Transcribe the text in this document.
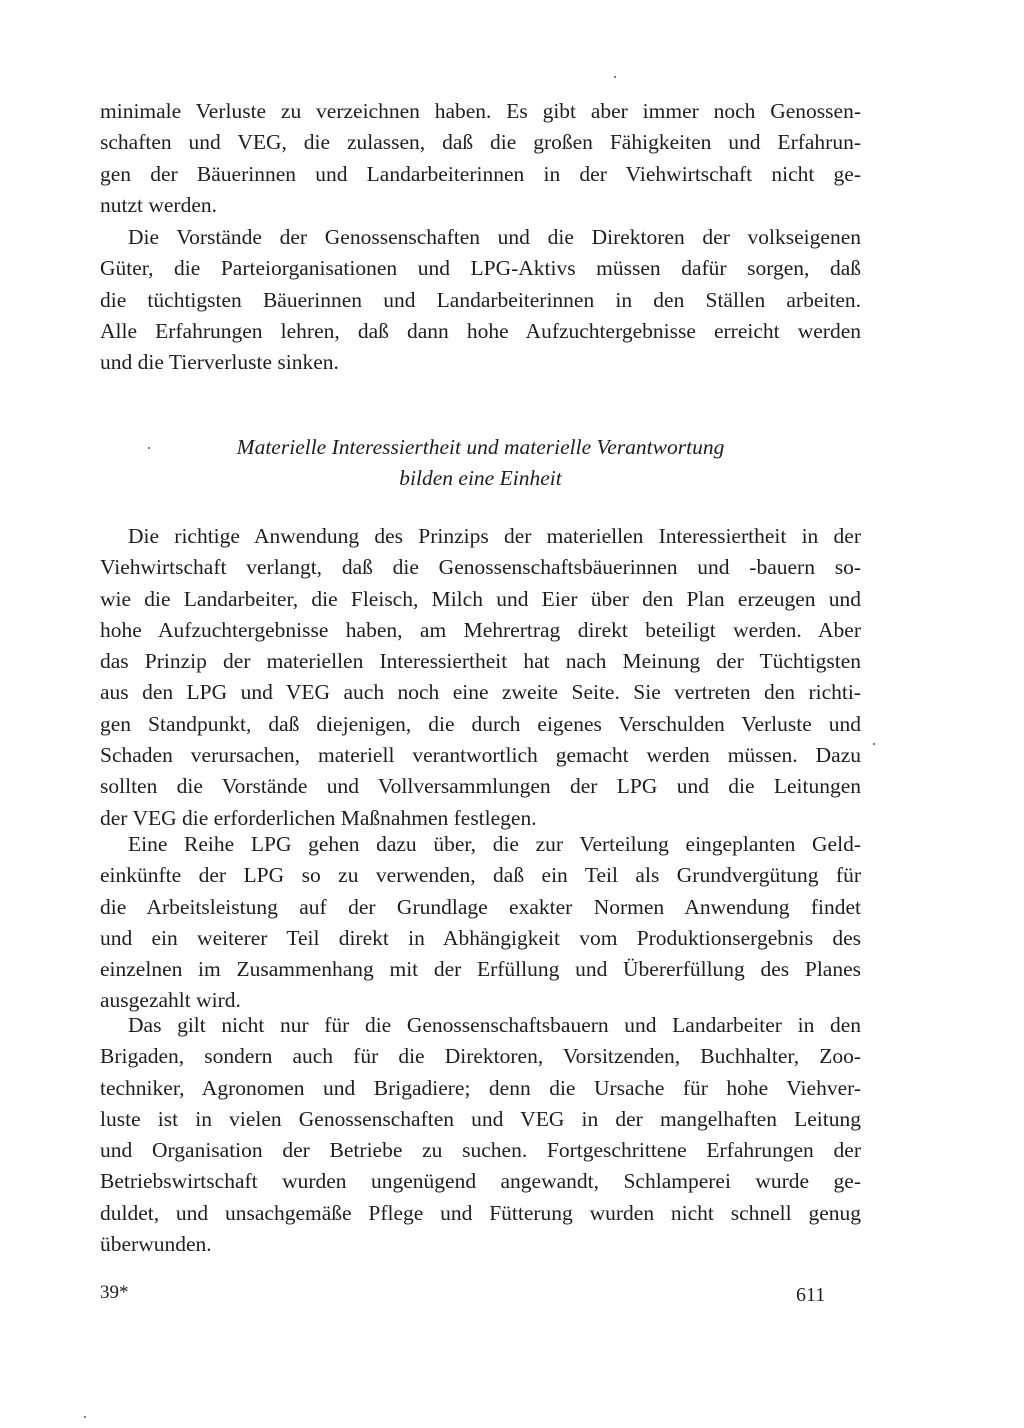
minimale Verluste zu verzeichnen haben. Es gibt aber immer noch Genossen-
schaften und VEG, die zulassen, daß die großen Fähigkeiten und Erfahrun-
gen der Bäuerinnen und Landarbeiterinnen in der Viehwirtschaft nicht ge-
nutzt werden.
Die Vorstände der Genossenschaften und die Direktoren der volkseigenen
Güter, die Parteiorganisationen und LPG-Aktivs müssen dafür sorgen, daß
die tüchtigsten Bäuerinnen und Landarbeiterinnen in den Ställen arbeiten.
Alle Erfahrungen lehren, daß dann hohe Aufzuchtergebnisse erreicht werden
und die Tierverluste sinken.
Materielle Interessiertheit und materielle Verantwortung
bilden eine Einheit
Die richtige Anwendung des Prinzips der materiellen Interessiertheit in der
Viehwirtschaft verlangt, daß die Genossenschaftsbäuerinnen und -bauern so-
wie die Landarbeiter, die Fleisch, Milch und Eier über den Plan erzeugen und
hohe Aufzuchtergebnisse haben, am Mehrertrag direkt beteiligt werden. Aber
das Prinzip der materiellen Interessiertheit hat nach Meinung der Tüchtigsten
aus den LPG und VEG auch noch eine zweite Seite. Sie vertreten den richti-
gen Standpunkt, daß diejenigen, die durch eigenes Verschulden Verluste und
Schaden verursachen, materiell verantwortlich gemacht werden müssen. Dazu
sollten die Vorstände und Vollversammlungen der LPG und die Leitungen
der VEG die erforderlichen Maßnahmen festlegen.
Eine Reihe LPG gehen dazu über, die zur Verteilung eingeplanten Geld-
einkünfte der LPG so zu verwenden, daß ein Teil als Grundvergütung für
die Arbeitsleistung auf der Grundlage exakter Normen Anwendung findet
und ein weiterer Teil direkt in Abhängigkeit vom Produktionsergebnis des
einzelnen im Zusammenhang mit der Erfüllung und Übererfüllung des Planes
ausgezahlt wird.
Das gilt nicht nur für die Genossenschaftsbauern und Landarbeiter in den
Brigaden, sondern auch für die Direktoren, Vorsitzenden, Buchhalter, Zoo-
techniker, Agronomen und Brigadiere; denn die Ursache für hohe Viehver-
luste ist in vielen Genossenschaften und VEG in der mangelhaften Leitung
und Organisation der Betriebe zu suchen. Fortgeschrittene Erfahrungen der
Betriebswirtschaft wurden ungenügend angewandt, Schlamperei wurde ge-
duldet, und unsachgemäße Pflege und Fütterung wurden nicht schnell genug
überwunden.
39*	611
